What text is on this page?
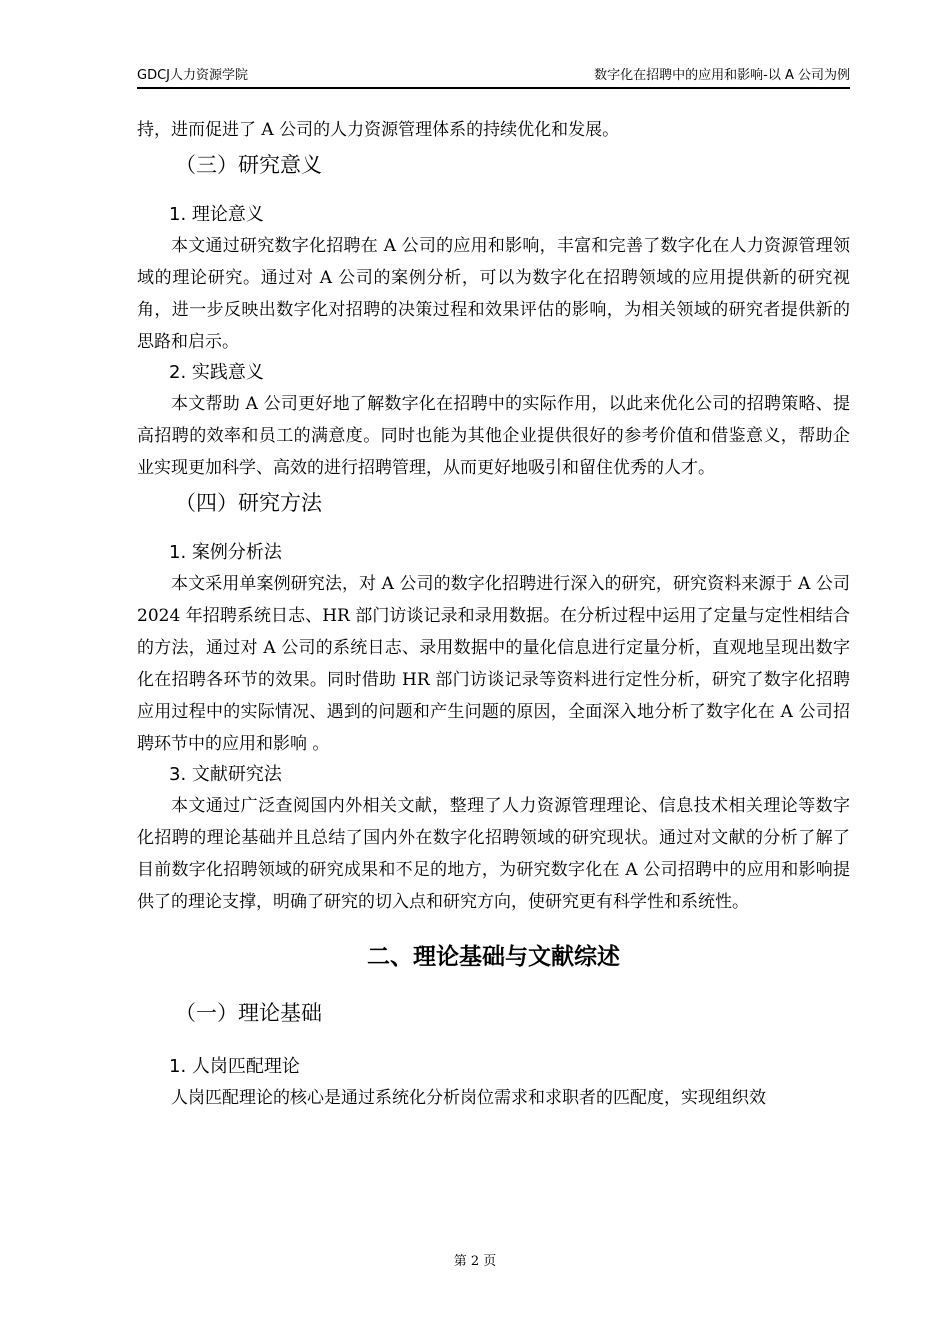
GDCJ人力资源学院	数字化在招聘中的应用和影响-以 A 公司为例

持，进而促进了 A 公司的人力资源管理体系的持续优化和发展。

（三）研究意义
1. 理论意义

本文通过研究数字化招聘在 A 公司的应用和影响，丰富和完善了数字化在人力资源管理领域的理论研究。通过对 A 公司的案例分析，可以为数字化在招聘领域的应用提供新的研究视角，进一步反映出数字化对招聘的决策过程和效果评估的影响，为相关领域的研究者提供新的思路和启示。

2. 实践意义

本文帮助 A 公司更好地了解数字化在招聘中的实际作用，以此来优化公司的招聘策略、提高招聘的效率和员工的满意度。同时也能为其他企业提供很好的参考价值和借鉴意义，帮助企业实现更加科学、高效的进行招聘管理，从而更好地吸引和留住优秀的人才。

（四）研究方法
1. 案例分析法

本文采用单案例研究法，对 A 公司的数字化招聘进行深入的研究，研究资料来源于 A 公司 2024 年招聘系统日志、HR 部门访谈记录和录用数据。在分析过程中运用了定量与定性相结合的方法，通过对 A 公司的系统日志、录用数据中的量化信息进行定量分析，直观地呈现出数字化在招聘各环节的效果。同时借助 HR 部门访谈记录等资料进行定性分析，研究了数字化招聘应用过程中的实际情况、遇到的问题和产生问题的原因，全面深入地分析了数字化在 A 公司招聘环节中的应用和影响 。

3. 文献研究法

本文通过广泛查阅国内外相关文献，整理了人力资源管理理论、信息技术相关理论等数字化招聘的理论基础并且总结了国内外在数字化招聘领域的研究现状。通过对文献的分析了解了目前数字化招聘领域的研究成果和不足的地方，为研究数字化在 A 公司招聘中的应用和影响提供了的理论支撑，明确了研究的切入点和研究方向，使研究更有科学性和系统性。

二、理论基础与文献综述
（一）理论基础
1. 人岗匹配理论

人岗匹配理论的核心是通过系统化分析岗位需求和求职者的匹配度，实现组织效

第 2 页
